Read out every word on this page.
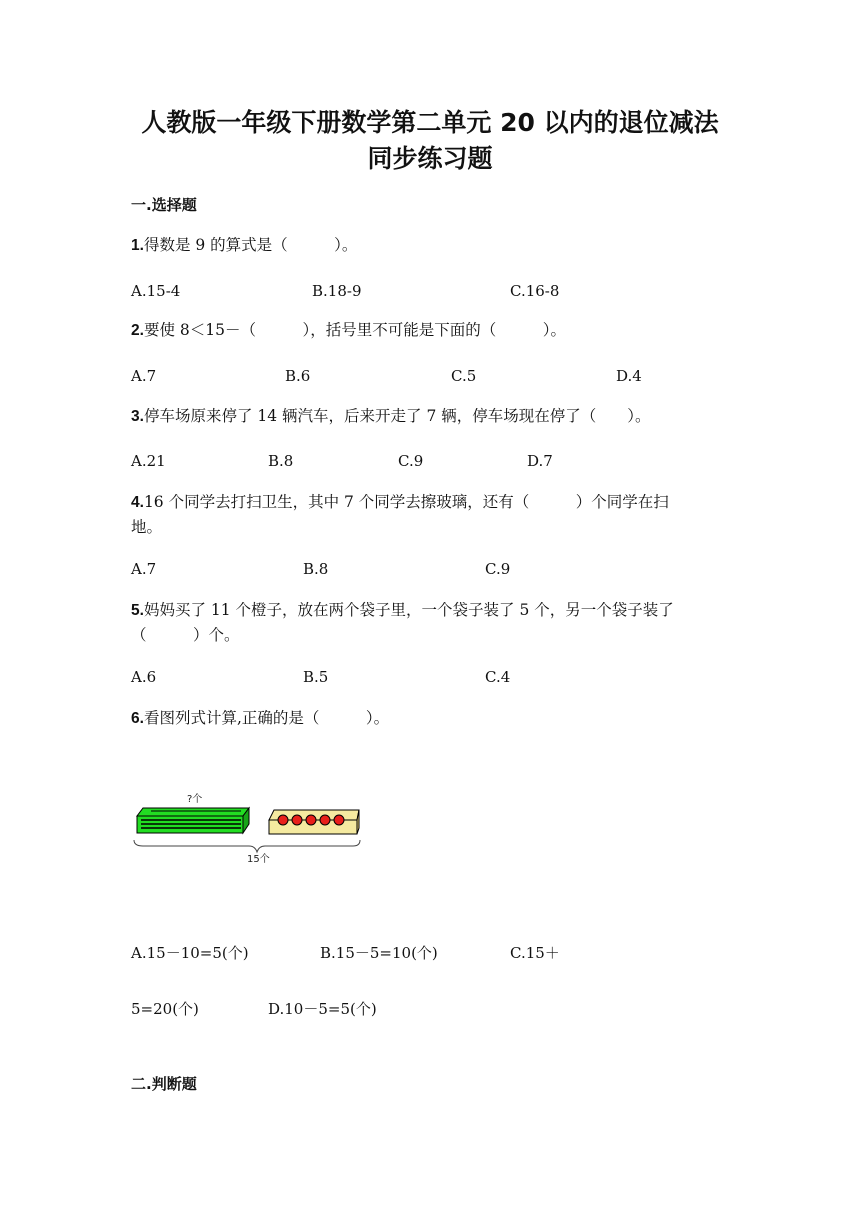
人教版一年级下册数学第二单元 20 以内的退位减法
同步练习题
一.选择题
1.得数是 9 的算式是（　　　）。
A.15-4	B.18-9	C.16-8
2.要使 8＜15－（　　　），括号里不可能是下面的（　　　）。
A.7	B.6	C.5	D.4
3.停车场原来停了 14 辆汽车，后来开走了 7 辆，停车场现在停了（　　）。
A.21	B.8	C.9	D.7
4.16 个同学去打扫卫生，其中 7 个同学去擦玻璃，还有（　　　）个同学在扫
地。
A.7	B.8	C.9
5.妈妈买了 11 个橙子，放在两个袋子里，一个袋子装了 5 个，另一个袋子装了
（　　　）个。
A.6	B.5	C.4
6.看图列式计算,正确的是（　　　）。
?个
15个
A.15－10=5(个)	B.15－5=10(个)	C.15＋
5=20(个)	D.10－5=5(个)
二.判断题
